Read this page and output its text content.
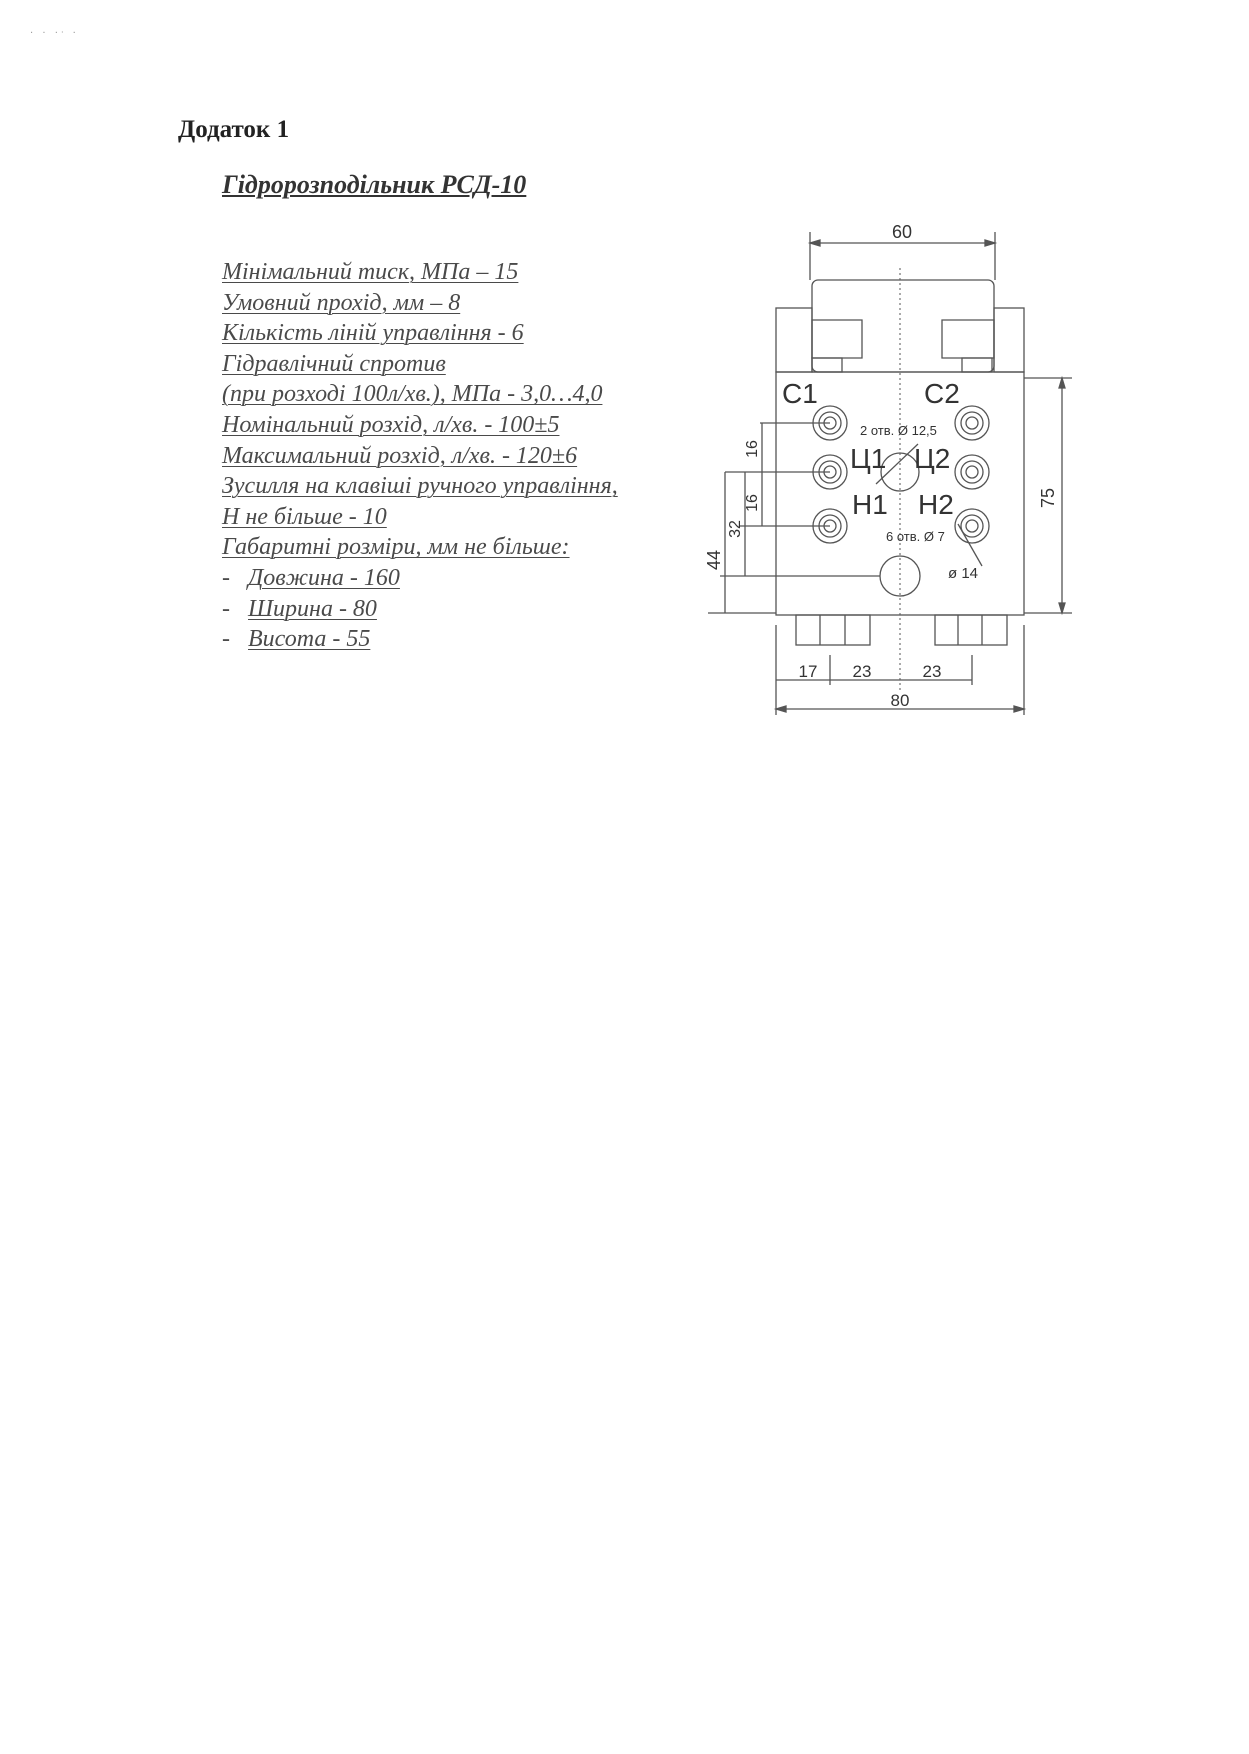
· · ·ᐧ ·
Додаток 1
Гідророзподільник РСД-10
Мінімальний тиск, МПа – 15
Умовний прохід, мм – 8
Кількість ліній управління - 6
Гідравлічний спротив
(при розході 100л/хв.), МПа - 3,0…4,0
Номінальний розхід, л/хв. - 100±5
Максимальний розхід, л/хв. - 120±6
Зусилля на клавіші ручного управління,
Н не більше - 10
Габаритні розміри, мм не більше:
- Довжина - 160
- Ширина - 80
- Висота - 55
60
75
16
16
32
44
17 23	23
80
C1	C2
Ц1 Ц2
Н1 Н2
2 отв. Ø 12,5
6 отв. Ø 7
ø 14
